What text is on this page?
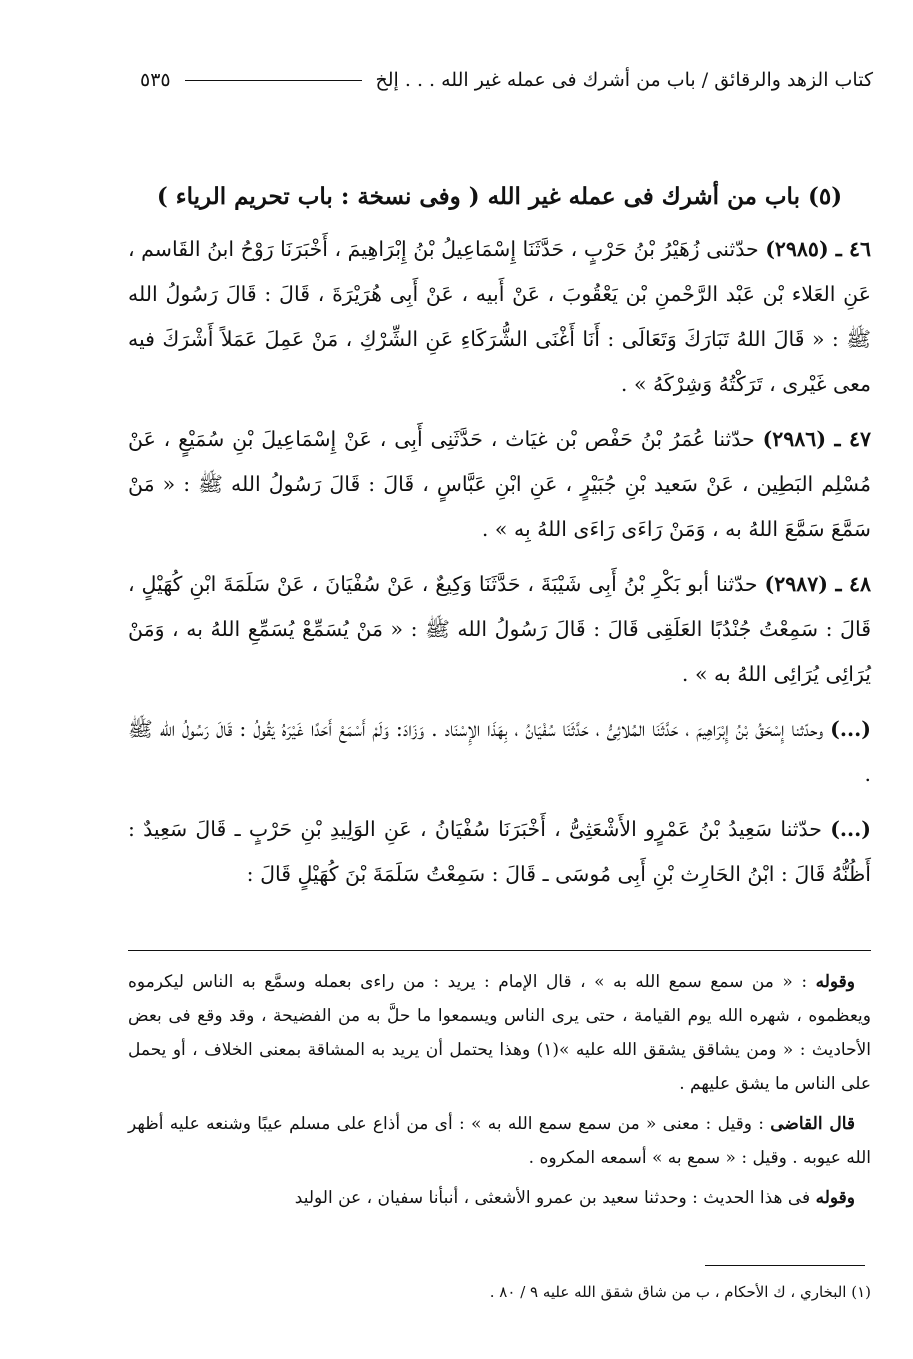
كتاب الزهد والرقائق / باب من أشرك فى عمله غير الله . . . إلخ
٥٣٥
(٥) باب من أشرك فى عمله غير الله ( وفى نسخة : باب تحريم الرياء )

٤٦ ـ (٢٩٨٥) حدّثنى زُهَيْرُ بْنُ حَرْبٍ ، حَدَّثَنَا إِسْمَاعِيلُ بْنُ إِبْرَاهِيمَ ، أَخْبَرَنَا رَوْحُ ابنُ القَاسم ، عَنِ العَلاء بْن عَبْد الرَّحْمنِ بْن يَعْقُوبَ ، عَنْ أَبيه ، عَنْ أَبِى هُرَيْرَةَ ، قَالَ : قَالَ رَسُولُ الله ﷺ : « قَالَ اللهُ تَبَارَكَ وَتَعَالَى : أَنَا أَغْنَى الشُّرَكَاءِ عَنِ الشِّرْكِ ، مَنْ عَمِلَ عَمَلاً أَشْرَكَ فيه معى غَيْرى ، تَرَكْتُهُ وَشِرْكَهُ » .

٤٧ ـ (٢٩٨٦) حدّثنا عُمَرُ بْنُ حَفْص بْن غيَاث ، حَدَّثَنِى أَبِى ، عَنْ إِسْمَاعِيلَ بْنِ سُمَيْعٍ ، عَنْ مُسْلِم البَطِين ، عَنْ سَعيد بْنِ جُبَيْرٍ ، عَنِ ابْنِ عَبَّاسٍ ، قَالَ : قَالَ رَسُولُ الله ﷺ : « مَنْ سَمَّعَ سَمَّعَ اللهُ به ، وَمَنْ رَاءَى رَاءَى اللهُ بِه » .

٤٨ ـ (٢٩٨٧) حدّثنا أبو بَكْرِ بْنُ أَبِى شَيْبَةَ ، حَدَّثَنَا وَكِيعٌ ، عَنْ سُفْيَانَ ، عَنْ سَلَمَةَ ابْنِ كُهَيْلٍ ، قَالَ : سَمِعْتُ جُنْدُبًا العَلَقِى قَالَ : قَالَ رَسُولُ الله ﷺ : « مَنْ يُسَمِّعْ يُسَمِّعِ اللهُ به ، وَمَنْ يُرَائِى يُرَائِى اللهُ به » .

(...) وحدّثنا إِسْحَقُ بْنُ إِبْرَاهِيمَ ، حَدَّثَنَا المُلائِىُّ ، حَدَّثَنَا سُفْيَانُ ، بِهَذَا الإِسْنَاد . وَزَادَ: وَلَمْ أَسْمَعْ أَحَدًا غَيْرَهُ يَقُولُ : قَالَ رَسُولُ الله ﷺ .

(...) حدّثنا سَعِيدُ بْنُ عَمْرٍو الأَشْعَثِىُّ ، أَخْبَرَنَا سُفْيَانُ ، عَنِ الوَلِيدِ بْنِ حَرْبٍ ـ قَالَ سَعِيدٌ : أَظُنُّهُ قَالَ : ابْنُ الحَارِث بْنِ أَبِى مُوسَى ـ قَالَ : سَمِعْتُ سَلَمَةَ بْنَ كُهَيْلٍ قَالَ :

وقوله : « من سمع سمع الله به » ، قال الإمام : يريد : من راءى بعمله وسمَّع به الناس ليكرموه ويعظموه ، شهره الله يوم القيامة ، حتى يرى الناس ويسمعوا ما حلَّ به من الفضيحة ، وقد وقع فى بعض الأحاديث : « ومن يشاقق يشقق الله عليه »(١) وهذا يحتمل أن يريد به المشاقة بمعنى الخلاف ، أو يحمل على الناس ما يشق عليهم .

قال القاضى : وقيل : معنى « من سمع سمع الله به » : أى من أذاع على مسلم عيبًا وشنعه عليه أظهر الله عيوبه . وقيل : « سمع به » أسمعه المكروه .

وقوله فى هذا الحديث : وحدثنا سعيد بن عمرو الأشعثى ، أنبأنا سفيان ، عن الوليد

(١) البخاري ، ك الأحكام ، ب من شاق شقق الله عليه ٩ / ٨٠ .
